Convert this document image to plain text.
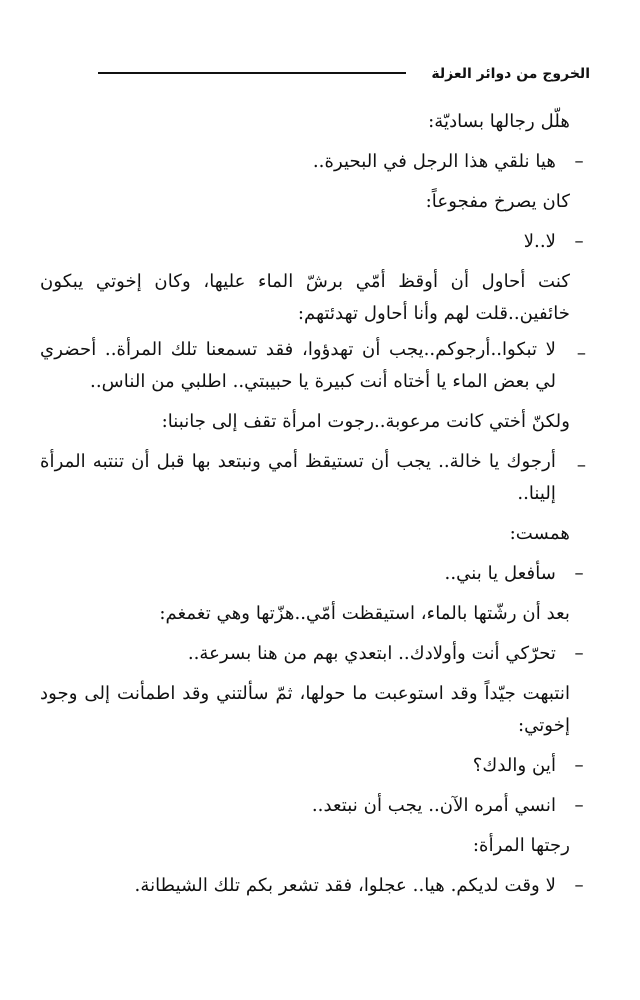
الخروج من دوائر العزلة
هلّل رجالها بساديّة:
–
هيا نلقي هذا الرجل في البحيرة..
كان يصرخ مفجوعاً:
–
لا..لا
كنت أحاول أن أوقظ أمّي برشّ الماء عليها، وكان إخوتي يبكون خائفين..قلت لهم وأنا أحاول تهدئتهم:
–
لا تبكوا..أرجوكم..يجب أن تهدؤوا، فقد تسمعنا تلك المرأة.. أحضري لي بعض الماء يا أختاه أنت كبيرة يا حبيبتي.. اطلبي من الناس..
ولكنّ أختي كانت مرعوبة..رجوت امرأة تقف إلى جانبنا:
–
أرجوك يا خالة.. يجب أن تستيقظ أمي ونبتعد بها قبل أن تنتبه المرأة إلينا..
همست:
–
سأفعل يا بني..
بعد أن رشّتها بالماء، استيقظت أمّي..هزّتها وهي تغمغم:
–
تحرّكي أنت وأولادك.. ابتعدي بهم من هنا بسرعة..
انتبهت جيّداً وقد استوعبت ما حولها، ثمّ سألتني وقد اطمأنت إلى وجود إخوتي:
–
أين والدك؟
–
انسي أمره الآن.. يجب أن نبتعد..
رجتها المرأة:
–
لا وقت لديكم. هيا.. عجلوا، فقد تشعر بكم تلك الشيطانة.
